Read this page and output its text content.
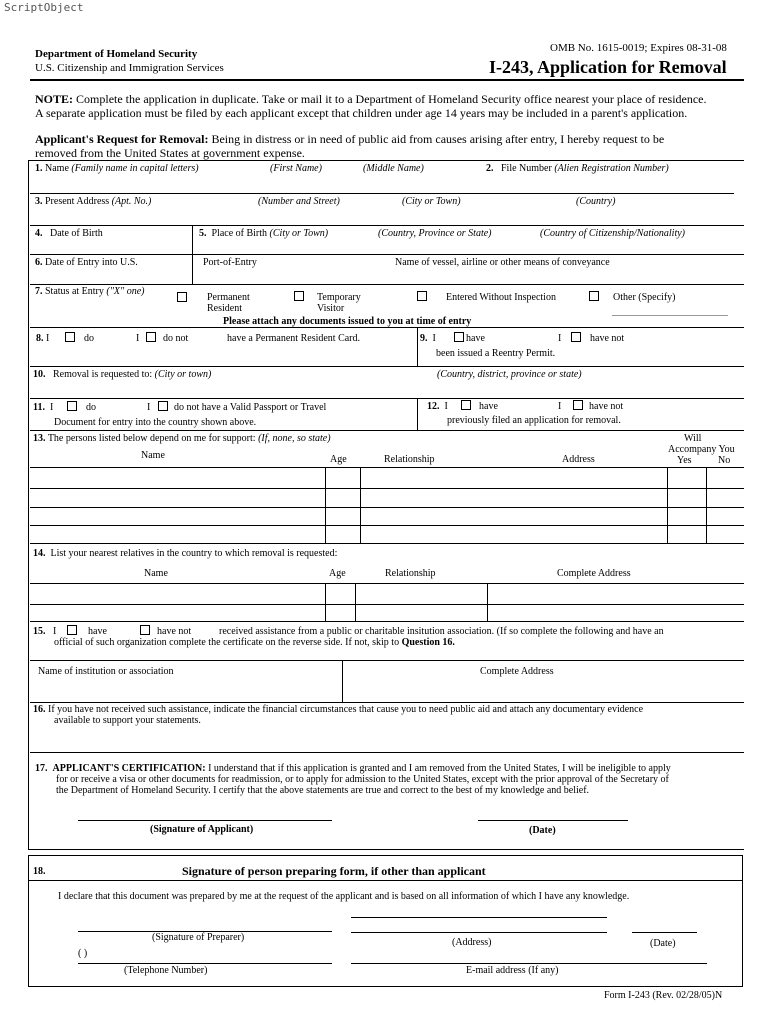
ScriptObject
Department of Homeland Security
U.S. Citizenship and Immigration Services
OMB No. 1615-0019; Expires 08-31-08
I-243, Application for Removal
NOTE: Complete the application in duplicate. Take or mail it to a Department of Homeland Security office nearest your place of residence.
A separate application must be filed by each applicant except that children under age 14 years may be included in a parent's application.
Applicant's Request for Removal: Being in distress or in need of public aid from causes arising after entry, I hereby request to be
removed from the United States at government expense.
1. Name (Family name in capital letters)	(First Name)	(Middle Name)	2. File Number (Alien Registration Number)
3. Present Address (Apt. No.)	(Number and Street)	(City or Town)	(Country)
4. Date of Birth	5. Place of Birth (City or Town)	(Country, Province or State)	(Country of Citizenship/Nationality)
6. Date of Entry into U.S.	Port-of-Entry	Name of vessel, airline or other means of conveyance
7. Status at Entry ("X" one)
Permanent
Resident
Temporary
Visitor
Entered Without Inspection	Other (Specify)
Please attach any documents issued to you at time of entry
8. I	do	I do not	have a Permanent Resident Card.	9. I	have	I	have not
been issued a Reentry Permit.
10. Removal is requested to: (City or town)	(Country, district, province or state)
11. I	do	I do not have a Valid Passport or Travel
Document for entry into the country shown above.
12. I	have	I	have not
previously filed an application for removal.
13. The persons listed below depend on me for support: (If, none, so state)
Name	Age	Relationship	Address
Will
Accompany You
Yes	No
14. List your nearest relatives in the country to which removal is requested:
Name	Age	Relationship	Complete Address
15. I	have	have not	received assistance from a public or charitable insitution association. (If so complete the following and have an
official of such organization complete the certificate on the reverse side. If not, skip to Question 16.
Name of institution or association	Complete Address
16. If you have not received such assistance, indicate the financial circumstances that cause you to need public aid and attach any documentary evidence
available to support your statements.
17. APPLICANT'S CERTIFICATION: I understand that if this application is granted and I am removed from the United States, I will be ineligible to apply
for or receive a visa or other documents for readmission, or to apply for admission to the United States, except with the prior approval of the Secretary of
the Department of Homeland Security. I certify that the above statements are true and correct to the best of my knowledge and belief.
(Signature of Applicant)	(Date)
18.	Signature of person preparing form, if other than applicant
I declare that this document was prepared by me at the request of the applicant and is based on all information of which I have any knowledge.
(Signature of Preparer)	(Address)	(Date)
( )
(Telephone Number)	E-mail address (If any)
Form I-243 (Rev. 02/28/05)N
